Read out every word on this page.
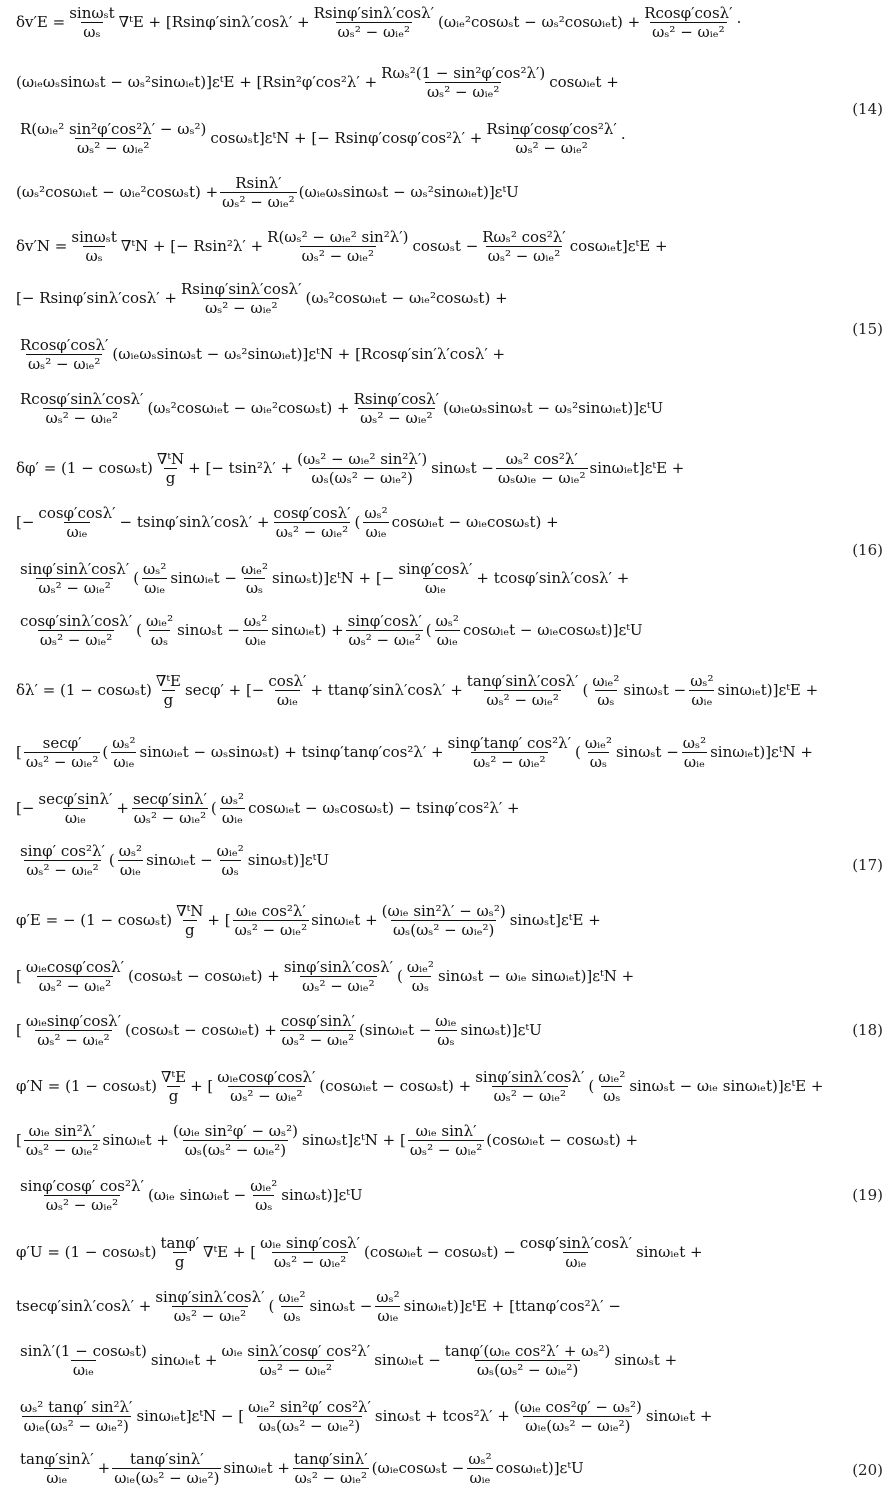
$\delta v'E = \frac{\text{sinωₛt}}{\text{ωₛ}}$ ∇ᵗE + [$Rsin\varphi'\sin\lambda'\cos\lambda' + \frac{Rsin\varphi'\sin\lambda'\cos\lambda'}{\text{ωₛ² − ωᵢₑ²}}$ (ωᵢₑ²cosωₛt − ωₛ²cosωᵢₑt) + $\frac{Rcos\varphi'\cos\lambda'}{\text{ωₛ² − ωᵢₑ²}}$ ·
(ωᵢₑωₛsinωₛt − ωₛ²sinωᵢₑt)]εᵗE + [$Rsin^2\varphi'\cos^2\lambda' + \frac{\text{Rωₛ²(1 − sin²φ′cos²λ′)}}{\text{ωₛ² − ωᵢₑ²}}$ cosωᵢₑt +
$\frac{\text{R(ωᵢₑ² sin²φ′cos²λ′ − ωₛ²)}}{\text{ωₛ² − ωᵢₑ²}}$ cosωₛt]εᵗN + [− $Rsin\varphi'\cos\varphi'\cos^2\lambda' + \frac{\text{Rsinφ′cosφ′cos²λ′}}{\text{ωₛ² − ωᵢₑ²}}$ ·
(ωₛ²cosωᵢₑt − ωᵢₑ²cosωₛt) + $\frac{Rsin\lambda'}{\text{ωₛ² − ωᵢₑ²}}$ (ωᵢₑωₛsinωₛt − ωₛ²sinωᵢₑt)]εᵗU
$\delta v'N = \frac{\text{sinωₛt}}{\text{ωₛ}}$ ∇ᵗN + [− $Rsin^2\lambda' + \frac{\text{R(ωₛ² − ωᵢₑ² sin²λ′)}}{\text{ωₛ² − ωᵢₑ²}}$ $\cos\omega_st - \frac{\text{Rωₛ² cos²λ′}}{\text{ωₛ² − ωᵢₑ²}}$ cosωᵢₑt]εᵗE +
[− $Rsin\varphi'\sin\lambda'\cos\lambda' + \frac{Rsin\varphi'\sin\lambda'\cos\lambda'}{\text{ωₛ² − ωᵢₑ²}}$ (ωₛ²cosωᵢₑt − ωᵢₑ²cosωₛt) +
$\frac{Rcos\varphi'\cos\lambda'}{\text{ωₛ² − ωᵢₑ²}}$ (ωᵢₑωₛsinωₛt − ωₛ²sinωᵢₑt)]εᵗN + [Rcosφ′sin′λ′cosλ′ +
$\frac{Rcos\varphi'\sin\lambda'\cos\lambda'}{\text{ωₛ² − ωᵢₑ²}}$ (ωₛ²cosωᵢₑt − ωᵢₑ²cosωₛt) + $\frac{Rsin\varphi'\cos\lambda'}{\text{ωₛ² − ωᵢₑ²}}$ (ωᵢₑωₛsinωₛt − ωₛ²sinωᵢₑt)]εᵗU
$\delta\varphi' = (1 - \cos\omega_st) \frac{\text{∇ᵗN}}{g}$ + [− $tsin^2\lambda' + \frac{\text{(ωₛ² − ωᵢₑ² sin²λ′)}}{\text{ωₛ(ωₛ² − ωᵢₑ²)}}$ $\sin\omega_st - \frac{\text{ωₛ² cos²λ′}}{\text{ωₛωᵢₑ − ωᵢₑ²}}$ sinωᵢₑt]εᵗE +
[− $\frac{\cos\varphi'\cos\lambda'}{\text{ωᵢₑ}} - tsin\varphi'\sin\lambda'\cos\lambda' + \frac{\cos\varphi'\cos\lambda'}{\text{ωₛ² − ωᵢₑ²}}$ ( $\frac{\text{ωₛ²}}{\text{ωᵢₑ}}$ cosωᵢₑt − ωᵢₑcosωₛt) +
$\frac{\sin\varphi'\sin\lambda'\cos\lambda'}{\text{ωₛ² − ωᵢₑ²}}$ ( $\frac{\text{ωₛ²}}{\text{ωᵢₑ}}$ sinωᵢₑt − $\frac{\text{ωᵢₑ²}}{\text{ωₛ}}$ sinωₛt)]εᵗN + [− $\frac{\sin\varphi'\cos\lambda'}{\text{ωᵢₑ}} + tcos\varphi'\sin\lambda'\cos\lambda'$ +
$\frac{\cos\varphi'\sin\lambda'\cos\lambda'}{\text{ωₛ² − ωᵢₑ²}}$ ( $\frac{\text{ωᵢₑ²}}{\text{ωₛ}}$ $\sin\omega_st - \frac{\text{ωₛ²}}{\text{ωᵢₑ}}$ sinωᵢₑt) + $\frac{\sin\varphi'\cos\lambda'}{\text{ωₛ² − ωᵢₑ²}}$ ( $\frac{\text{ωₛ²}}{\text{ωᵢₑ}}$ cosωᵢₑt − ωᵢₑcosωₛt)]εᵗU
$\delta\lambda' = (1 - \cos\omega_st) \frac{\text{∇ᵗE}}{g} \sec\varphi'$ + [− $\frac{\cos\lambda'}{\text{ωᵢₑ}} + ttan\varphi'\sin\lambda'\cos\lambda' + \frac{\tan\varphi'\sin\lambda'\cos\lambda'}{\text{ωₛ² − ωᵢₑ²}}$ ( $\frac{\text{ωᵢₑ²}}{\text{ωₛ}}$ $\sin\omega_st - \frac{\text{ωₛ²}}{\text{ωᵢₑ}}$ sinωᵢₑt)]εᵗE +
[ $\frac{\sec\varphi'}{\text{ωₛ² − ωᵢₑ²}}$ ( $\frac{\text{ωₛ²}}{\text{ωᵢₑ}}$ sinωᵢₑt − $\omega_s\sin\omega_st) + tsin\varphi'\tan\varphi'\cos^2\lambda' + \frac{\text{sinφ′tanφ′ cos²λ′}}{\text{ωₛ² − ωᵢₑ²}}$ ( $\frac{\text{ωᵢₑ²}}{\text{ωₛ}}$ $\sin\omega_st - \frac{\text{ωₛ²}}{\text{ωᵢₑ}}$ sinωᵢₑt)]εᵗN +
[− $\frac{\sec\varphi'\sin\lambda'}{\text{ωᵢₑ}} + \frac{\sec\varphi'\sin\lambda'}{\text{ωₛ² − ωᵢₑ²}}$ ( $\frac{\text{ωₛ²}}{\text{ωᵢₑ}}$ cosωᵢₑt − ωₛcosωₛt) − tsinφ′cos²λ′ +
$\frac{\text{sinφ′ cos²λ′}}{\text{ωₛ² − ωᵢₑ²}}$ ( $\frac{\text{ωₛ²}}{\text{ωᵢₑ}}$ sinωᵢₑt − $\frac{\text{ωᵢₑ²}}{\text{ωₛ}}$ sinωₛt)]εᵗU
φ′E = − $(1 - \cos\omega_st) \frac{\text{∇ᵗN}}{g}$ + [ $\frac{\text{ωᵢₑ cos²λ′}}{\text{ωₛ² − ωᵢₑ²}}$ sinωᵢₑt + $\frac{\text{(ωᵢₑ sin²λ′ − ωₛ²)}}{\text{ωₛ(ωₛ² − ωᵢₑ²)}}$ sinωₛt]εᵗE +
[ $\frac{\text{ωᵢₑcosφ′cosλ′}}{\text{ωₛ² − ωᵢₑ²}} (\cos\omega_st$ − cosωᵢₑt) + $\frac{\sin\varphi'\sin\lambda'\cos\lambda'}{\text{ωₛ² − ωᵢₑ²}}$ ( $\frac{\text{ωᵢₑ²}}{\text{ωₛ}}$ sinωₛt − ωᵢₑ sinωᵢₑt)]εᵗN +
[ $\frac{\text{ωᵢₑsinφ′cosλ′}}{\text{ωₛ² − ωᵢₑ²}} (\cos\omega_st$ − cosωᵢₑt) + $\frac{\cos\varphi'\sin\lambda'}{\text{ωₛ² − ωᵢₑ²}}$ (sinωᵢₑt − $\frac{\text{ωᵢₑ}}{\text{ωₛ}}$ sinωₛt)]εᵗU
$\varphi'N = (1 - \cos\omega_st) \frac{\text{∇ᵗE}}{g}$ + [ $\frac{\text{ωᵢₑcosφ′cosλ′}}{\text{ωₛ² − ωᵢₑ²}}$ (cosωᵢₑt − $\cos\omega_st) + \frac{\sin\varphi'\sin\lambda'\cos\lambda'}{\text{ωₛ² − ωᵢₑ²}}$ ( $\frac{\text{ωᵢₑ²}}{\text{ωₛ}}$ sinωₛt − ωᵢₑ sinωᵢₑt)]εᵗE +
[ $\frac{\text{ωᵢₑ sin²λ′}}{\text{ωₛ² − ωᵢₑ²}}$ sinωᵢₑt + $\frac{\text{(ωᵢₑ sin²φ′ − ωₛ²)}}{\text{ωₛ(ωₛ² − ωᵢₑ²)}}$ sinωₛt]εᵗN + [ $\frac{\text{ωᵢₑ sinλ′}}{\text{ωₛ² − ωᵢₑ²}}$ (cosωᵢₑt − cosωₛt) +
$\frac{\text{sinφ′cosφ′ cos²λ′}}{\text{ωₛ² − ωᵢₑ²}}$ (ωᵢₑ sinωᵢₑt − $\frac{\text{ωᵢₑ²}}{\text{ωₛ}}$ sinωₛt)]εᵗU
$\varphi'U = (1 - \cos\omega_st) \frac{\tan\varphi'}{g}$ ∇ᵗE + [ $\frac{\text{ωᵢₑ sinφ′cosλ′}}{\text{ωₛ² − ωᵢₑ²}}$ (cosωᵢₑt − $\cos\omega_st) - \frac{\cos\varphi'\sin\lambda'\cos\lambda'}{\text{ωᵢₑ}}$ sinωᵢₑt +
$tsec\varphi'\sin\lambda'\cos\lambda' + \frac{\sin\varphi'\sin\lambda'\cos\lambda'}{\text{ωₛ² − ωᵢₑ²}}$ ( $\frac{\text{ωᵢₑ²}}{\text{ωₛ}}$ $\sin\omega_st - \frac{\text{ωₛ²}}{\text{ωᵢₑ}}$ sinωᵢₑt)]εᵗE + [ttanφ′cos²λ′ −
$\frac{\text{sinλ′(1 − cosωₛt)}}{\text{ωᵢₑ}}$ sinωᵢₑt + $\frac{\text{ωᵢₑ sinλ′cosφ′ cos²λ′}}{\text{ωₛ² − ωᵢₑ²}}$ sinωᵢₑt − $\frac{\text{tanφ′(ωᵢₑ cos²λ′ + ωₛ²)}}{\text{ωₛ(ωₛ² − ωᵢₑ²)}}$ sinωₛt +
$\frac{\text{ωₛ² tanφ′ sin²λ′}}{\text{ωᵢₑ(ωₛ² − ωᵢₑ²)}}$ sinωᵢₑt]εᵗN − [ $\frac{\text{ωᵢₑ² sin²φ′ cos²λ′}}{\text{ωₛ(ωₛ² − ωᵢₑ²)}}$ $\sin\omega_st + tcos^2\lambda' + \frac{\text{(ωᵢₑ cos²φ′ − ωₛ²)}}{\text{ωᵢₑ(ωₛ² − ωᵢₑ²)}}$ sinωᵢₑt +
$\frac{\tan\varphi'\sin\lambda'}{\text{ωᵢₑ}} + \frac{\tan\varphi'\sin\lambda'}{\text{ωᵢₑ(ωₛ² − ωᵢₑ²)}}$ sinωᵢₑt + $\frac{\tan\varphi'\sin\lambda'}{\text{ωₛ² − ωᵢₑ²}}$ (ωᵢₑcosωₛt − $\frac{\text{ωₛ²}}{\text{ωᵢₑ}}$ cosωᵢₑt)]εᵗU
(14)
(15)
(16)
(17)
(18)
(19)
(20)
